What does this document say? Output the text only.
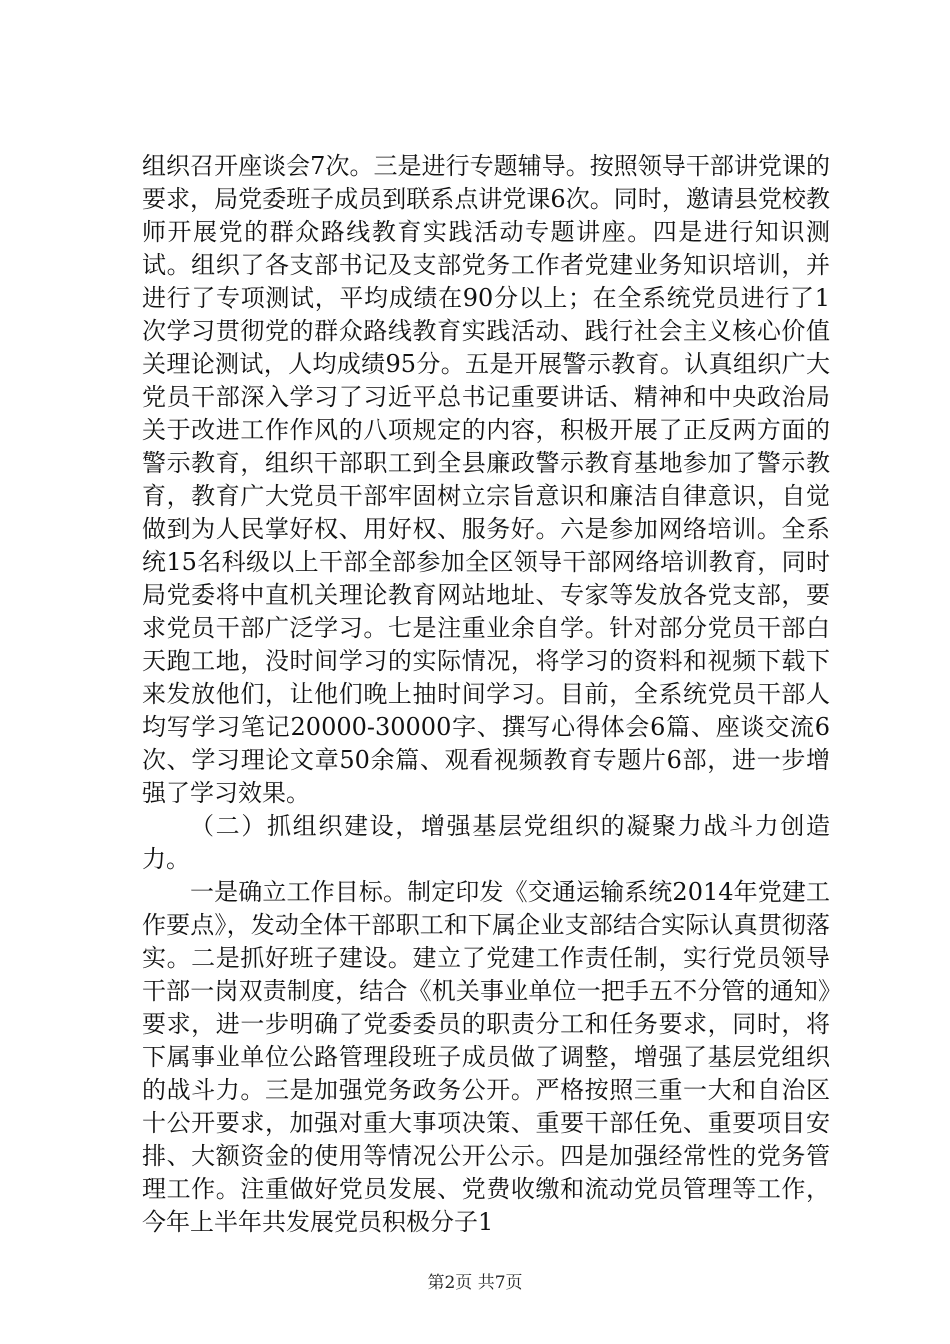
组织召开座谈会7次。三是进行专题辅导。按照领导干部讲党课的要求，局党委班子成员到联系点讲党课6次。同时，邀请县党校教师开展党的群众路线教育实践活动专题讲座。四是进行知识测试。组织了各支部书记及支部党务工作者党建业务知识培训，并进行了专项测试，平均成绩在90分以上；在全系统党员进行了1次学习贯彻党的群众路线教育实践活动、践行社会主义核心价值关理论测试，人均成绩95分。五是开展警示教育。认真组织广大党员干部深入学习了习近平总书记重要讲话、精神和中央政治局关于改进工作作风的八项规定的内容，积极开展了正反两方面的警示教育，组织干部职工到全县廉政警示教育基地参加了警示教育，教育广大党员干部牢固树立宗旨意识和廉洁自律意识，自觉做到为人民掌好权、用好权、服务好。六是参加网络培训。全系统15名科级以上干部全部参加全区领导干部网络培训教育，同时局党委将中直机关理论教育网站地址、专家等发放各党支部，要求党员干部广泛学习。七是注重业余自学。针对部分党员干部白天跑工地，没时间学习的实际情况，将学习的资料和视频下载下来发放他们，让他们晚上抽时间学习。目前，全系统党员干部人均写学习笔记20000-30000字、撰写心得体会6篇、座谈交流6次、学习理论文章50余篇、观看视频教育专题片6部，进一步增强了学习效果。

（二）抓组织建设，增强基层党组织的凝聚力战斗力创造力。

一是确立工作目标。制定印发《交通运输系统2014年党建工作要点》，发动全体干部职工和下属企业支部结合实际认真贯彻落实。二是抓好班子建设。建立了党建工作责任制，实行党员领导干部一岗双责制度，结合《机关事业单位一把手五不分管的通知》要求，进一步明确了党委委员的职责分工和任务要求，同时，将下属事业单位公路管理段班子成员做了调整，增强了基层党组织的战斗力。三是加强党务政务公开。严格按照三重一大和自治区十公开要求，加强对重大事项决策、重要干部任免、重要项目安排、大额资金的使用等情况公开公示。四是加强经常性的党务管理工作。注重做好党员发展、党费收缴和流动党员管理等工作，今年上半年共发展党员积极分子1

第2页 共7页
